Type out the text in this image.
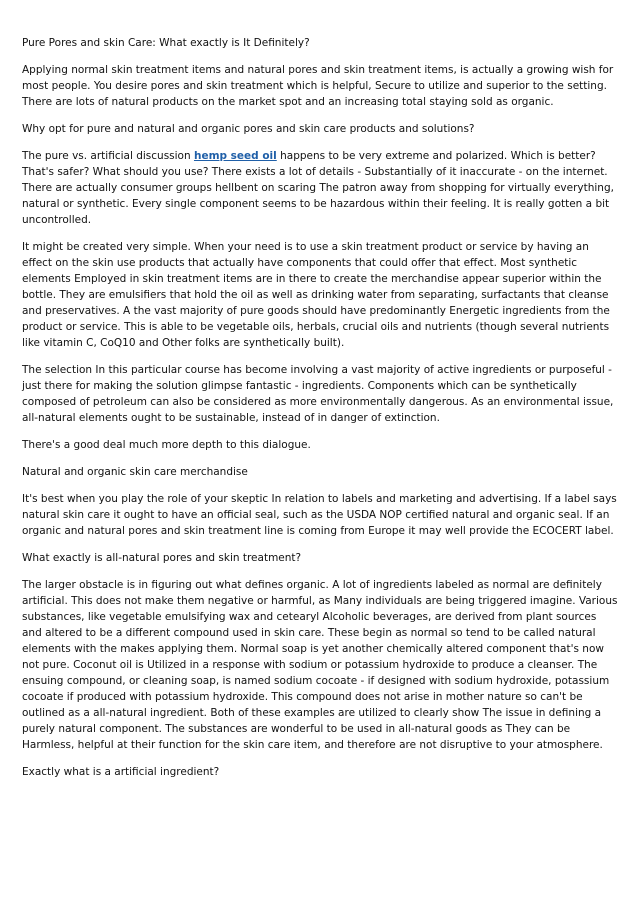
Pure Pores and skin Care: What exactly is It Definitely?

Applying normal skin treatment items and natural pores and skin treatment items, is actually a growing wish for most people. You desire pores and skin treatment which is helpful, Secure to utilize and superior to the setting. There are lots of natural products on the market spot and an increasing total staying sold as organic.

Why opt for pure and natural and organic pores and skin care products and solutions?

The pure vs. artificial discussion hemp seed oil happens to be very extreme and polarized. Which is better? That's safer? What should you use? There exists a lot of details - Substantially of it inaccurate - on the internet. There are actually consumer groups hellbent on scaring The patron away from shopping for virtually everything, natural or synthetic. Every single component seems to be hazardous within their feeling. It is really gotten a bit uncontrolled.

It might be created very simple. When your need is to use a skin treatment product or service by having an effect on the skin use products that actually have components that could offer that effect. Most synthetic elements Employed in skin treatment items are in there to create the merchandise appear superior within the bottle. They are emulsifiers that hold the oil as well as drinking water from separating, surfactants that cleanse and preservatives. A the vast majority of pure goods should have predominantly Energetic ingredients from the product or service. This is able to be vegetable oils, herbals, crucial oils and nutrients (though several nutrients like vitamin C, CoQ10 and Other folks are synthetically built).

The selection In this particular course has become involving a vast majority of active ingredients or purposeful - just there for making the solution glimpse fantastic - ingredients. Components which can be synthetically composed of petroleum can also be considered as more environmentally dangerous. As an environmental issue, all-natural elements ought to be sustainable, instead of in danger of extinction.

There's a good deal much more depth to this dialogue.

Natural and organic skin care merchandise

It's best when you play the role of your skeptic In relation to labels and marketing and advertising. If a label says natural skin care it ought to have an official seal, such as the USDA NOP certified natural and organic seal. If an organic and natural pores and skin treatment line is coming from Europe it may well provide the ECOCERT label.

What exactly is all-natural pores and skin treatment?

The larger obstacle is in figuring out what defines organic. A lot of ingredients labeled as normal are definitely artificial. This does not make them negative or harmful, as Many individuals are being triggered imagine. Various substances, like vegetable emulsifying wax and cetearyl Alcoholic beverages, are derived from plant sources and altered to be a different compound used in skin care. These begin as normal so tend to be called natural elements with the makes applying them. Normal soap is yet another chemically altered component that's now not pure. Coconut oil is Utilized in a response with sodium or potassium hydroxide to produce a cleanser. The ensuing compound, or cleaning soap, is named sodium cocoate - if designed with sodium hydroxide, potassium cocoate if produced with potassium hydroxide. This compound does not arise in mother nature so can't be outlined as a all-natural ingredient. Both of these examples are utilized to clearly show The issue in defining a purely natural component. The substances are wonderful to be used in all-natural goods as They can be Harmless, helpful at their function for the skin care item, and therefore are not disruptive to your atmosphere.

Exactly what is a artificial ingredient?
